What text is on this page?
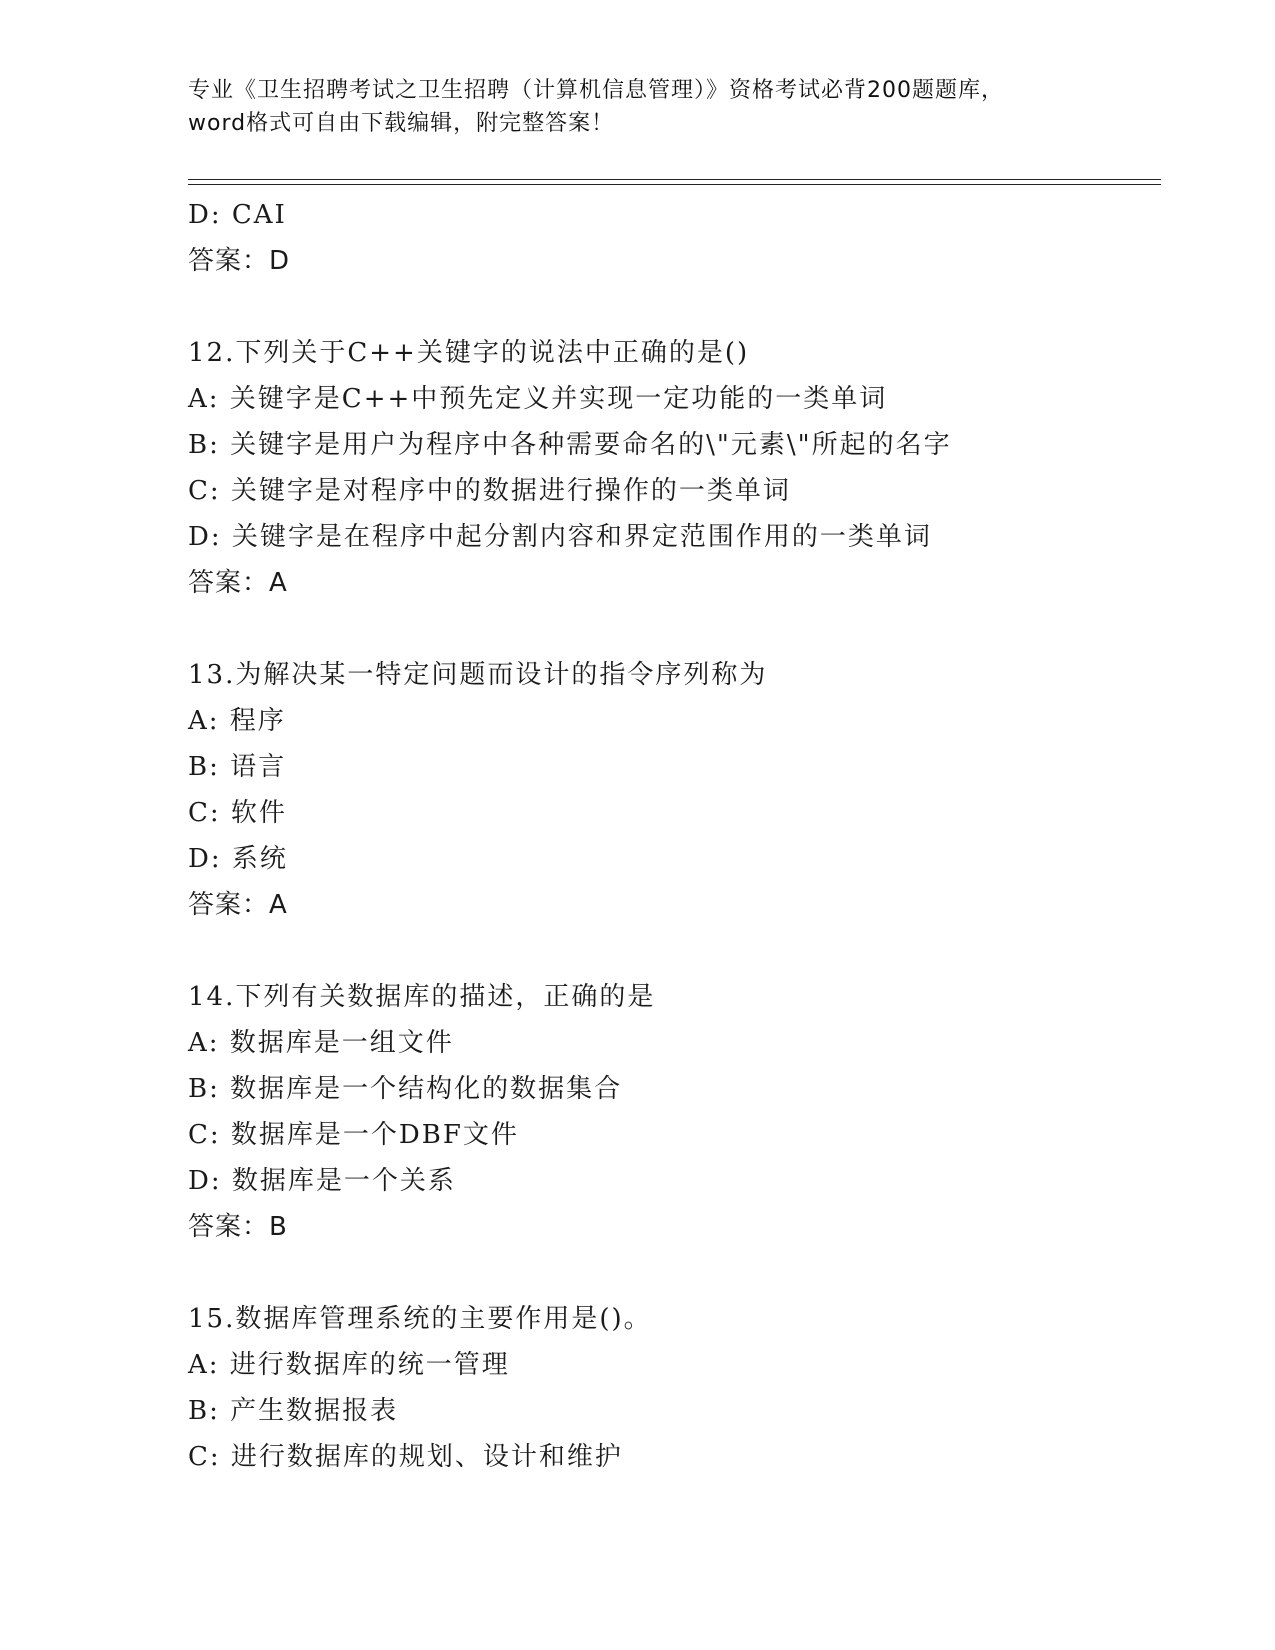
专业《卫生招聘考试之卫生招聘（计算机信息管理）》资格考试必背200题题库，
word格式可自由下载编辑，附完整答案！
D: CAI
答案：D
12.下列关于C++关键字的说法中正确的是()
A: 关键字是C++中预先定义并实现一定功能的一类单词
B: 关键字是用户为程序中各种需要命名的\"元素\"所起的名字
C: 关键字是对程序中的数据进行操作的一类单词
D: 关键字是在程序中起分割内容和界定范围作用的一类单词
答案：A
13.为解决某一特定问题而设计的指令序列称为
A: 程序
B: 语言
C: 软件
D: 系统
答案：A
14.下列有关数据库的描述，正确的是
A: 数据库是一组文件
B: 数据库是一个结构化的数据集合
C: 数据库是一个DBF文件
D: 数据库是一个关系
答案：B
15.数据库管理系统的主要作用是()。
A: 进行数据库的统一管理
B: 产生数据报表
C: 进行数据库的规划、设计和维护
